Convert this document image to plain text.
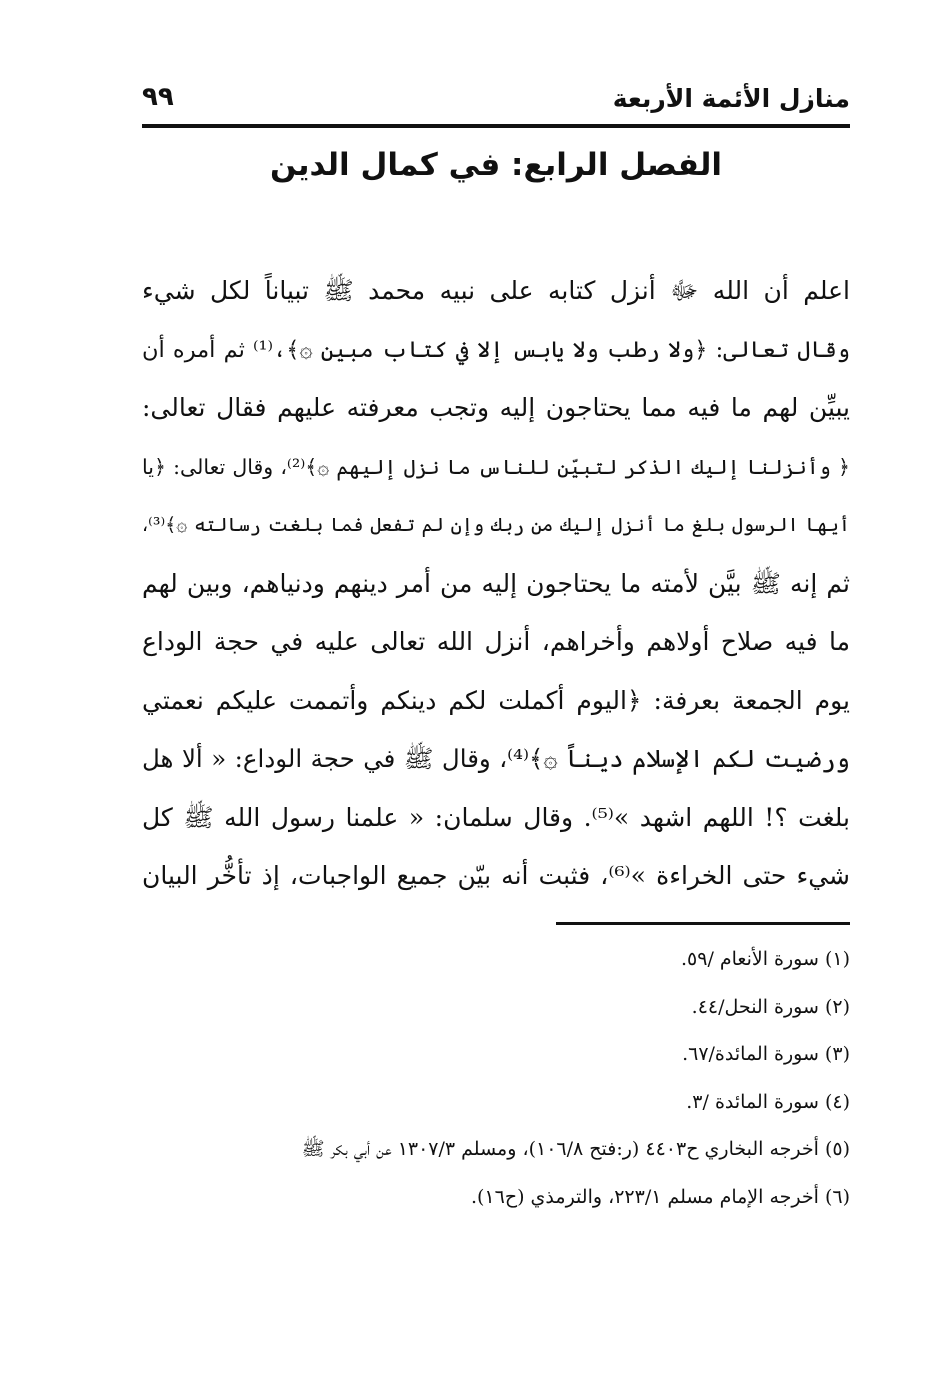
منازل الأئمة الأربعة
٩٩
الفصل الرابع: في كمال الدين
اعلم أن الله ﷻ أنزل كتابه على نبيه محمد ﷺ تبياناً لكل شيء
وقال تعالى: ﴿ولا رطب ولا يابس إلا في كتاب مبين ۞﴾،⁽¹⁾ ثم أمره أن
يبيِّن لهم ما فيه مما يحتاجون إليه وتجب معرفته عليهم فقال تعالى:
﴿ وأنزلنا إليك الذكر لتبيّن للناس ما نزل إليهم ۞﴾⁽²⁾، وقال تعالى: ﴿يا
أيها الرسول بلغ ما أنزل إليك من ربك وإن لم تفعل فما بلغت رسالته ۞﴾⁽³⁾،
ثم إنه ﷺ بيَّن لأمته ما يحتاجون إليه من أمر دينهم ودنياهم، وبين لهم
ما فيه صلاح أولاهم وأخراهم، أنزل الله تعالى عليه في حجة الوداع
يوم الجمعة بعرفة: ﴿اليوم أكملت لكم دينكم وأتممت عليكم نعمتي
ورضيت لكم الإسلام ديناً ۞﴾⁽⁴⁾، وقال ﷺ في حجة الوداع: « ألا هل
بلغت ؟! اللهم اشهد »⁽⁵⁾. وقال سلمان: « علمنا رسول الله ﷺ كل
شيء حتى الخراءة »⁽⁶⁾، فثبت أنه بيّن جميع الواجبات، إذ تأخُّر البيان
(١) سورة الأنعام /٥٩.
(٢) سورة النحل/٤٤.
(٣) سورة المائدة/٦٧.
(٤) سورة المائدة /٣.
(٥) أخرجه البخاري ح٤٤٠٣ (ر:فتح ١٠٦/٨)، ومسلم ١٣٠٧/٣ عن أبي بكر ﷺ
(٦) أخرجه الإمام مسلم ٢٢٣/١، والترمذي (ح١٦).
